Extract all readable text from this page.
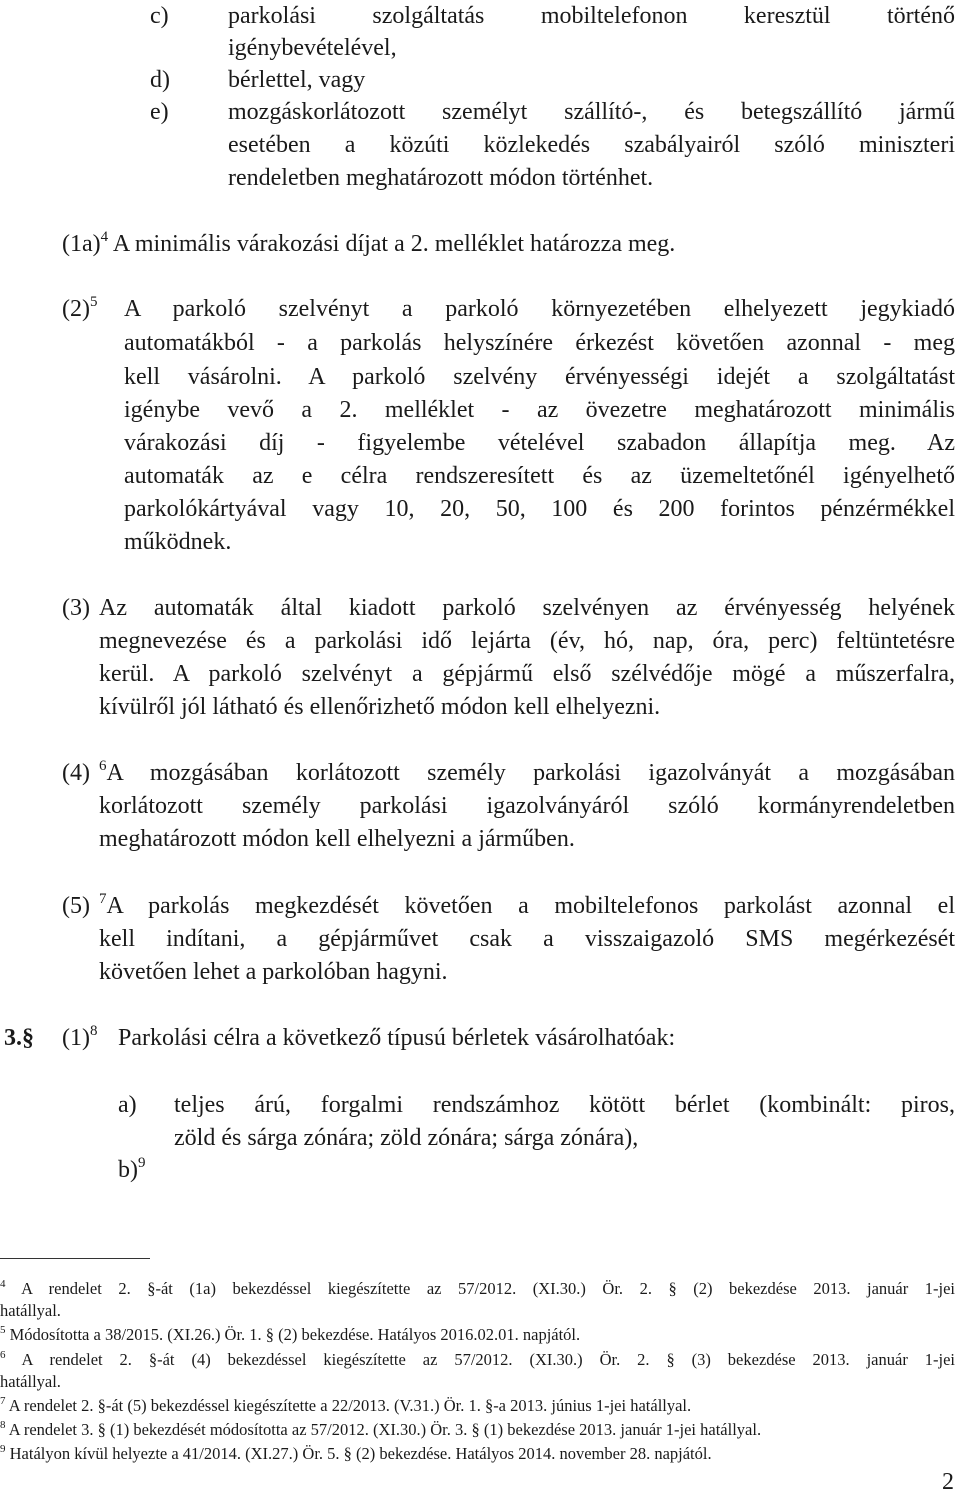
c) parkolási szolgáltatás mobiltelefonon keresztül történő
igénybevételével,
d) bérlettel, vagy
e) mozgáskorlátozott személyt szállító-, és betegszállító jármű
esetében a közúti közlekedés szabályairól szóló miniszteri
rendeletben meghatározott módon történhet.
$(1a)^4$ A minimális várakozási díjat a 2. melléklet határozza meg.
$(2)^5$ A parkoló szelvényt a parkoló környezetében elhelyezett jegykiadó
automatákból - a parkolás helyszínére érkezést követően azonnal - meg
kell vásárolni. A parkoló szelvény érvényességi idejét a szolgáltatást
igénybe vevő a 2. melléklet - az övezetre meghatározott minimális
várakozási díj - figyelembe vételével szabadon állapítja meg. Az
automaták az e célra rendszeresített és az üzemeltetőnél igényelhető
parkolókártyával vagy 10, 20, 50, 100 és 200 forintos pénzérmékkel
működnek.
(3) Az automaták által kiadott parkoló szelvényen az érvényesség helyének
megnevezése és a parkolási idő lejárta (év, hó, nap, óra, perc) feltüntetésre
kerül. A parkoló szelvényt a gépjármű első szélvédője mögé a műszerfalra,
kívülről jól látható és ellenőrizhető módon kell elhelyezni.
(4) $^6$A mozgásában korlátozott személy parkolási igazolványát a mozgásában
korlátozott személy parkolási igazolványáról szóló kormányrendeletben
meghatározott módon kell elhelyezni a járműben.
(5) $^7$A parkolás megkezdését követően a mobiltelefonos parkolást azonnal el
kell indítani, a gépjárművet csak a visszaigazoló SMS megérkezését
követően lehet a parkolóban hagyni.
3.§ $(1)^8$ Parkolási célra a következő típusú bérletek vásárolhatóak:
a) teljes árú, forgalmi rendszámhoz kötött bérlet (kombinált: piros,
zöld és sárga zónára; zöld zónára; sárga zónára),
b)$^9$
$^4$ A rendelet 2. §-át (1a) bekezdéssel kiegészítette az 57/2012. (XI.30.) Ör. 2. § (2) bekezdése 2013. január 1-jei
hatállyal.
$^5$ Módosította a 38/2015. (XI.26.) Ör. 1. § (2) bekezdése. Hatályos 2016.02.01. napjától.
$^6$ A rendelet 2. §-át (4) bekezdéssel kiegészítette az 57/2012. (XI.30.) Ör. 2. § (3) bekezdése 2013. január 1-jei
hatállyal.
$^7$ A rendelet 2. §-át (5) bekezdéssel kiegészítette a 22/2013. (V.31.) Ör. 1. §-a 2013. június 1-jei hatállyal.
$^8$ A rendelet 3. § (1) bekezdését módosította az 57/2012. (XI.30.) Ör. 3. § (1) bekezdése 2013. január 1-jei hatállyal.
$^9$ Hatályon kívül helyezte a 41/2014. (XI.27.) Ör. 5. § (2) bekezdése. Hatályos 2014. november 28. napjától.
2
